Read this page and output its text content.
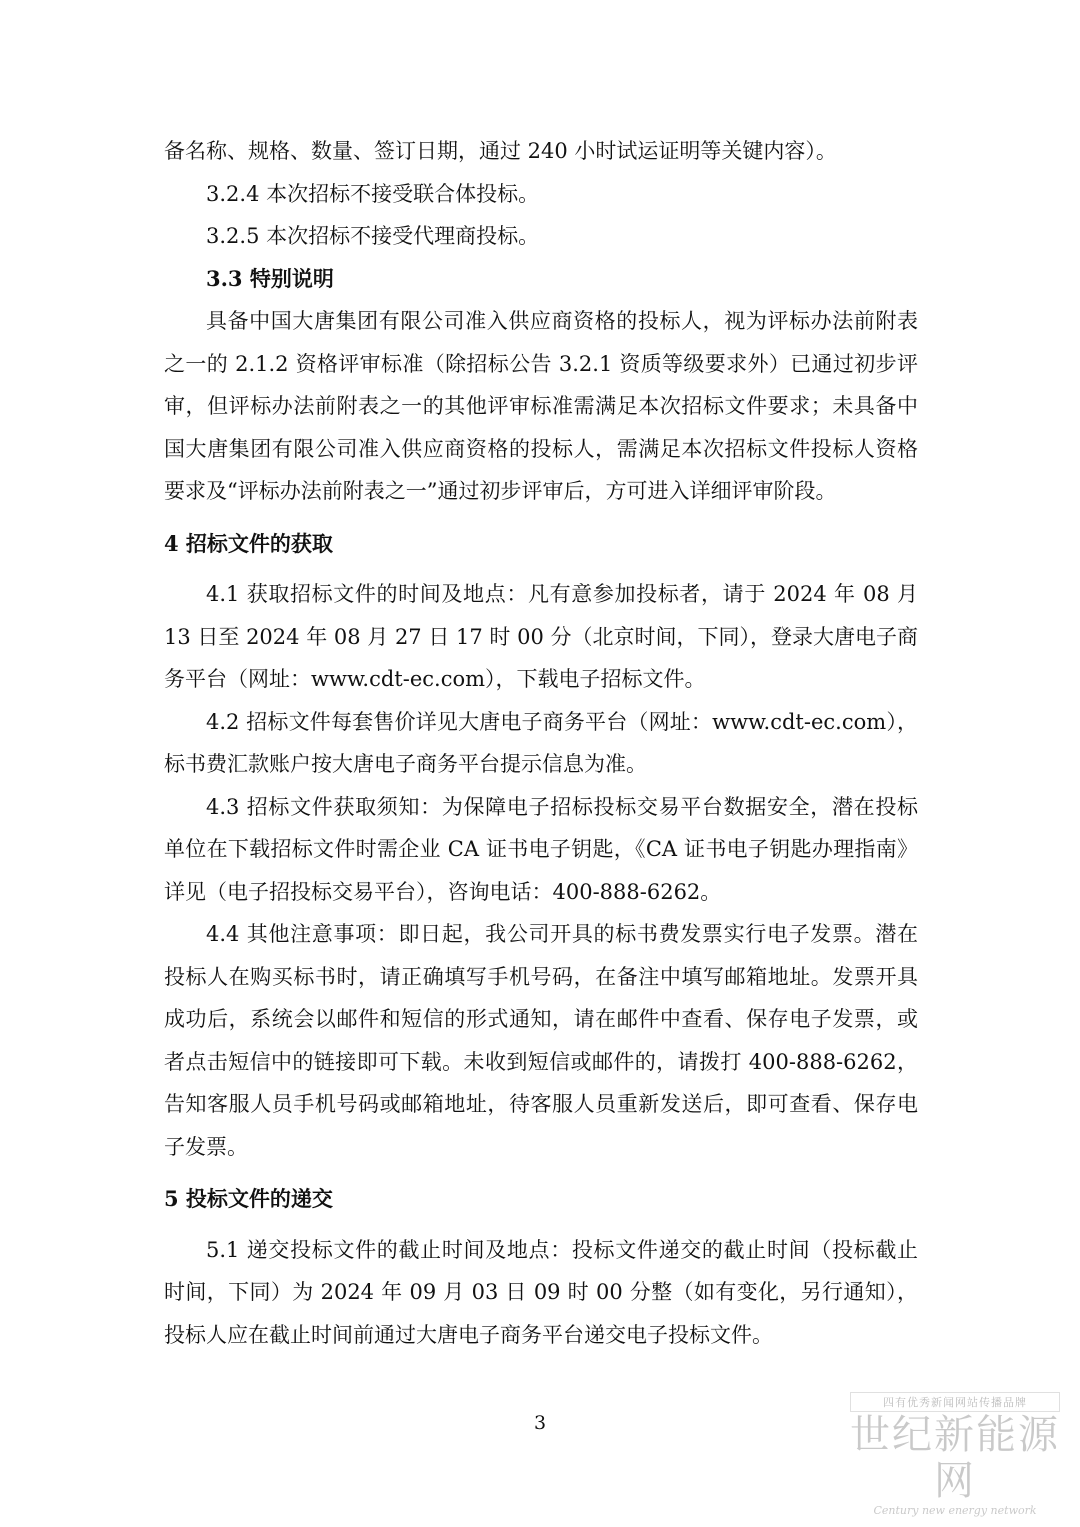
备名称、规格、数量、签订日期，通过 240 小时试运证明等关键内容）。

3.2.4 本次招标不接受联合体投标。

3.2.5 本次招标不接受代理商投标。

3.3 特别说明

具备中国大唐集团有限公司准入供应商资格的投标人，视为评标办法前附表之一的 2.1.2 资格评审标准（除招标公告 3.2.1 资质等级要求外）已通过初步评审，但评标办法前附表之一的其他评审标准需满足本次招标文件要求；未具备中国大唐集团有限公司准入供应商资格的投标人，需满足本次招标文件投标人资格要求及“评标办法前附表之一”通过初步评审后，方可进入详细评审阶段。

4 招标文件的获取

4.1 获取招标文件的时间及地点：凡有意参加投标者，请于 2024 年 08 月 13 日至 2024 年 08 月 27 日 17 时 00 分（北京时间，下同），登录大唐电子商务平台（网址：www.cdt-ec.com），下载电子招标文件。

4.2 招标文件每套售价详见大唐电子商务平台（网址：www.cdt-ec.com），标书费汇款账户按大唐电子商务平台提示信息为准。

4.3 招标文件获取须知：为保障电子招标投标交易平台数据安全，潜在投标单位在下载招标文件时需企业 CA 证书电子钥匙，《CA 证书电子钥匙办理指南》详见（电子招投标交易平台），咨询电话：400-888-6262。

4.4 其他注意事项：即日起，我公司开具的标书费发票实行电子发票。潜在投标人在购买标书时，请正确填写手机号码，在备注中填写邮箱地址。发票开具成功后，系统会以邮件和短信的形式通知，请在邮件中查看、保存电子发票，或者点击短信中的链接即可下载。未收到短信或邮件的，请拨打 400-888-6262，告知客服人员手机号码或邮箱地址，待客服人员重新发送后，即可查看、保存电子发票。

5 投标文件的递交

5.1 递交投标文件的截止时间及地点：投标文件递交的截止时间（投标截止时间，下同）为 2024 年 09 月 03 日 09 时 00 分整（如有变化，另行通知），投标人应在截止时间前通过大唐电子商务平台递交电子投标文件。

3
四有优秀新闻网站传播品牌
世纪新能源网
Century new energy network
